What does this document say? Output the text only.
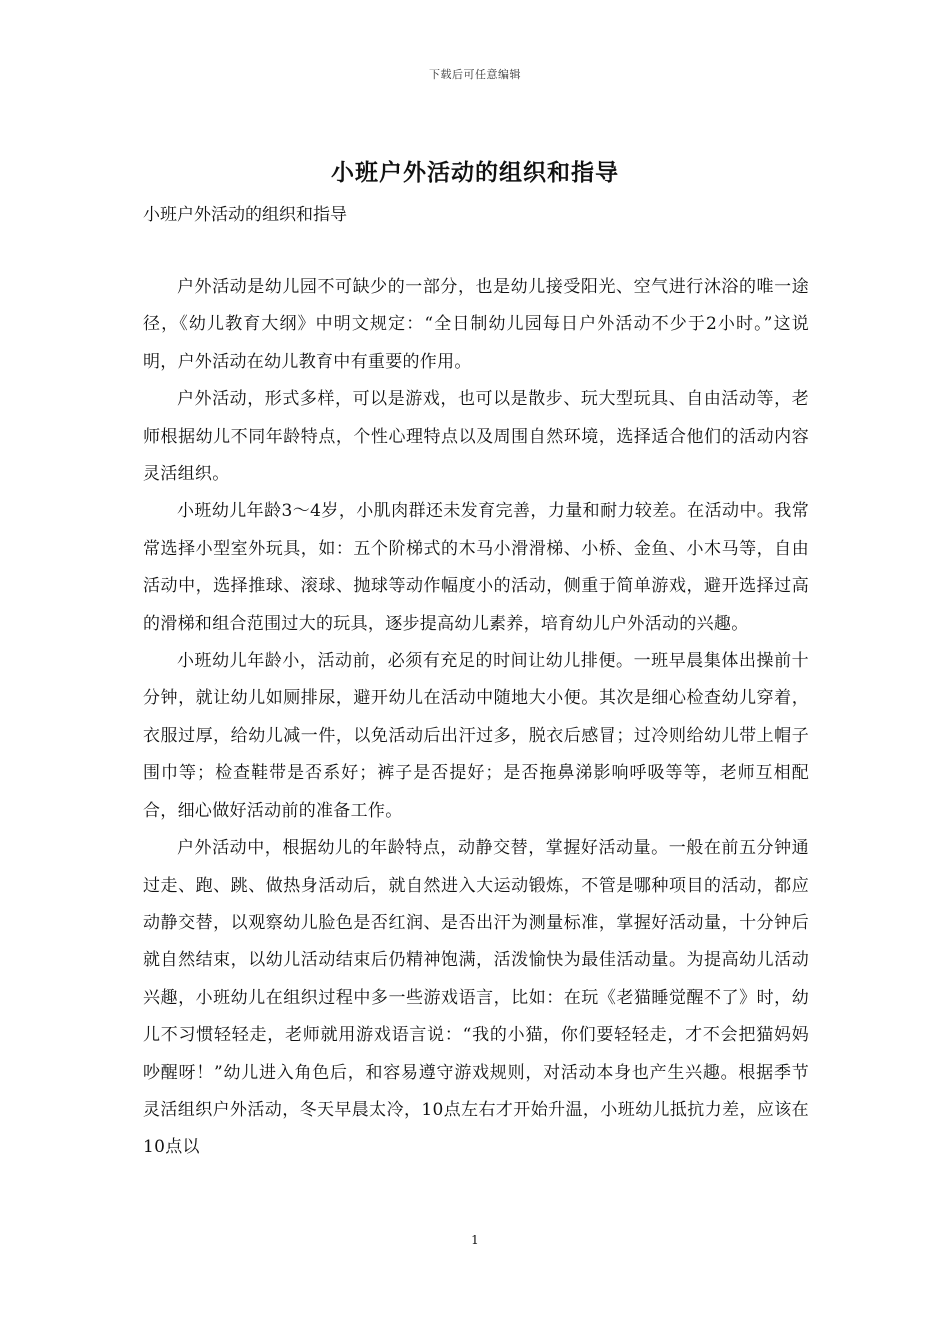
下载后可任意编辑
小班户外活动的组织和指导
小班户外活动的组织和指导

户外活动是幼儿园不可缺少的一部分，也是幼儿接受阳光、空气进行沐浴的唯一途径，《幼儿教育大纲》中明文规定：“全日制幼儿园每日户外活动不少于2小时。”这说明，户外活动在幼儿教育中有重要的作用。

户外活动，形式多样，可以是游戏，也可以是散步、玩大型玩具、自由活动等，老师根据幼儿不同年龄特点，个性心理特点以及周围自然环境，选择适合他们的活动内容灵活组织。

小班幼儿年龄3～4岁，小肌肉群还未发育完善，力量和耐力较差。在活动中。我常常选择小型室外玩具，如：五个阶梯式的木马小滑滑梯、小桥、金鱼、小木马等，自由活动中，选择推球、滚球、抛球等动作幅度小的活动，侧重于简单游戏，避开选择过高的滑梯和组合范围过大的玩具，逐步提高幼儿素养，培育幼儿户外活动的兴趣。

小班幼儿年龄小，活动前，必须有充足的时间让幼儿排便。一班早晨集体出操前十分钟，就让幼儿如厕排尿，避开幼儿在活动中随地大小便。其次是细心检查幼儿穿着，衣服过厚，给幼儿减一件，以免活动后出汗过多，脱衣后感冒；过冷则给幼儿带上帽子围巾等；检查鞋带是否系好；裤子是否提好；是否拖鼻涕影响呼吸等等，老师互相配合，细心做好活动前的准备工作。

户外活动中，根据幼儿的年龄特点，动静交替，掌握好活动量。一般在前五分钟通过走、跑、跳、做热身活动后，就自然进入大运动锻炼，不管是哪种项目的活动，都应动静交替，以观察幼儿脸色是否红润、是否出汗为测量标准，掌握好活动量，十分钟后就自然结束，以幼儿活动结束后仍精神饱满，活泼愉快为最佳活动量。为提高幼儿活动兴趣，小班幼儿在组织过程中多一些游戏语言，比如：在玩《老猫睡觉醒不了》时，幼儿不习惯轻轻走，老师就用游戏语言说：“我的小猫，你们要轻轻走，才不会把猫妈妈吵醒呀！”幼儿进入角色后，和容易遵守游戏规则，对活动本身也产生兴趣。根据季节灵活组织户外活动，冬天早晨太冷，10点左右才开始升温，小班幼儿抵抗力差，应该在10点以

1
